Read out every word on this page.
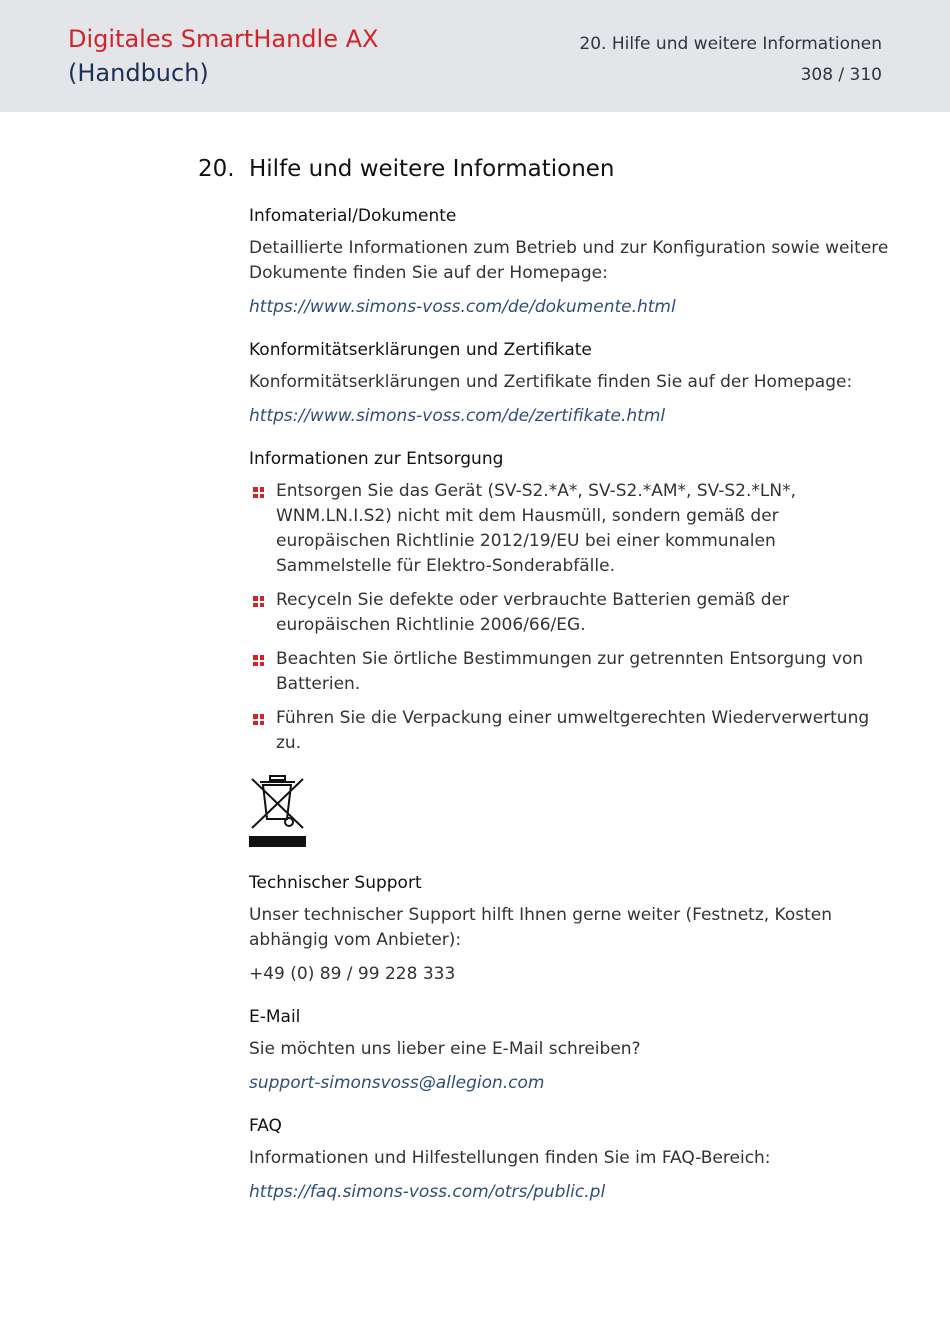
Digitales SmartHandle AX
(Handbuch)
20. Hilfe und weitere Informationen
308 / 310
20. Hilfe und weitere Informationen
Infomaterial/Dokumente
Detaillierte Informationen zum Betrieb und zur Konfiguration sowie weitere Dokumente finden Sie auf der Homepage:
https://www.simons-voss.com/de/dokumente.html
Konformitätserklärungen und Zertifikate
Konformitätserklärungen und Zertifikate finden Sie auf der Homepage:
https://www.simons-voss.com/de/zertifikate.html
Informationen zur Entsorgung
Entsorgen Sie das Gerät (SV-S2.*A*, SV-S2.*AM*, SV-S2.*LN*, WNM.LN.I.S2) nicht mit dem Hausmüll, sondern gemäß der europäischen Richtlinie 2012/19/EU bei einer kommunalen Sammelstelle für Elektro-Sonderabfälle.
Recyceln Sie defekte oder verbrauchte Batterien gemäß der europäischen Richtlinie 2006/66/EG.
Beachten Sie örtliche Bestimmungen zur getrennten Entsorgung von Batterien.
Führen Sie die Verpackung einer umweltgerechten Wiederverwertung zu.
Technischer Support
Unser technischer Support hilft Ihnen gerne weiter (Festnetz, Kosten abhängig vom Anbieter):
+49 (0) 89 / 99 228 333
E-Mail
Sie möchten uns lieber eine E-Mail schreiben?
support-simonsvoss@allegion.com
FAQ
Informationen und Hilfestellungen finden Sie im FAQ-Bereich:
https://faq.simons-voss.com/otrs/public.pl
